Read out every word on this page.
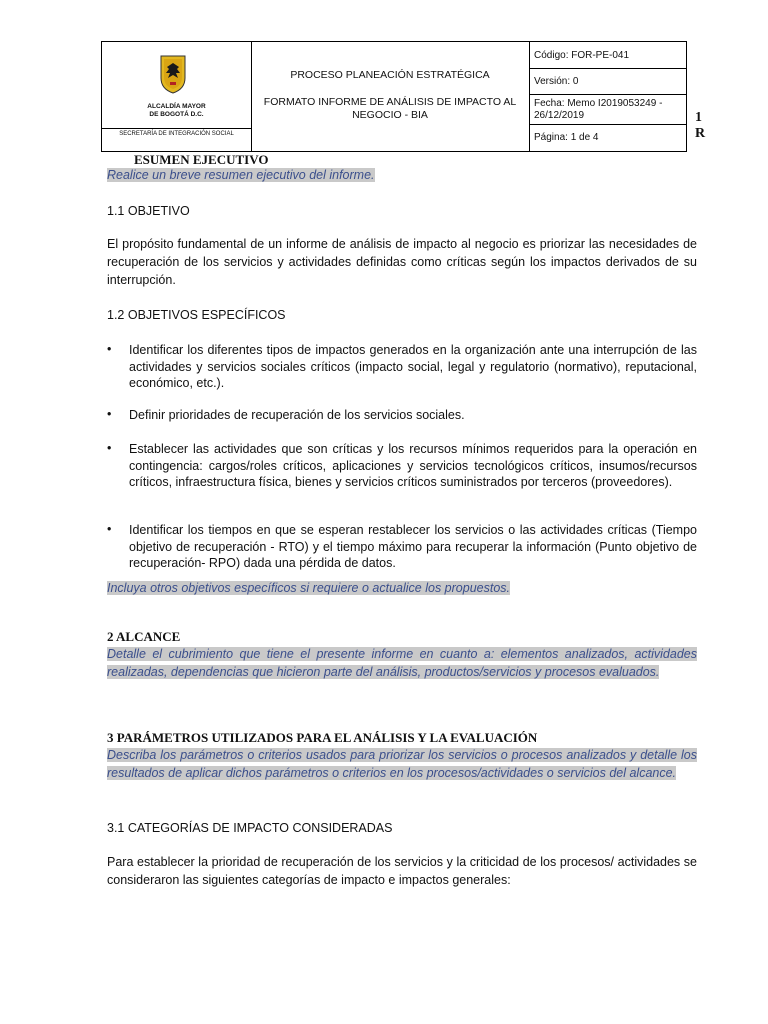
ALCALDÍA MAYOR
DE BOGOTÁ D.C.
SECRETARÍA DE INTEGRACIÓN SOCIAL
PROCESO PLANEACIÓN ESTRATÉGICA
FORMATO INFORME DE ANÁLISIS DE IMPACTO AL NEGOCIO - BIA
Código: FOR-PE-041
Versión: 0
Fecha: Memo I2019053249 - 26/12/2019
Página: 1 de 4
1
R
ESUMEN EJECUTIVO
Realice un breve resumen ejecutivo del informe.
1.1 OBJETIVO
El propósito fundamental de un informe de análisis de impacto al negocio es priorizar las necesidades de recuperación de los servicios y actividades definidas como críticas según los impactos derivados de su interrupción.
1.2 OBJETIVOS ESPECÍFICOS
• Identificar los diferentes tipos de impactos generados en la organización ante una interrupción de las actividades y servicios sociales críticos (impacto social, legal y regulatorio (normativo), reputacional, económico, etc.).
• Definir prioridades de recuperación de los servicios sociales.
• Establecer las actividades que son críticas y los recursos mínimos requeridos para la operación en contingencia: cargos/roles críticos, aplicaciones y servicios tecnológicos críticos, insumos/recursos críticos, infraestructura física, bienes y servicios críticos suministrados por terceros (proveedores).
• Identificar los tiempos en que se esperan restablecer los servicios o las actividades críticas (Tiempo objetivo de recuperación - RTO) y el tiempo máximo para recuperar la información (Punto objetivo de recuperación- RPO) dada una pérdida de datos.
Incluya otros objetivos específicos si requiere o actualice los propuestos.
2 ALCANCE
Detalle el cubrimiento que tiene el presente informe en cuanto a: elementos analizados, actividades realizadas, dependencias que hicieron parte del análisis, productos/servicios y procesos evaluados.
3 PARÁMETROS UTILIZADOS PARA EL ANÁLISIS Y LA EVALUACIÓN
Describa los parámetros o criterios usados para priorizar los servicios o procesos analizados y detalle los resultados de aplicar dichos parámetros o criterios en los procesos/actividades o servicios del alcance.
3.1 CATEGORÍAS DE IMPACTO CONSIDERADAS
Para establecer la prioridad de recuperación de los servicios y la criticidad de los procesos/ actividades se consideraron las siguientes categorías de impacto e impactos generales:
